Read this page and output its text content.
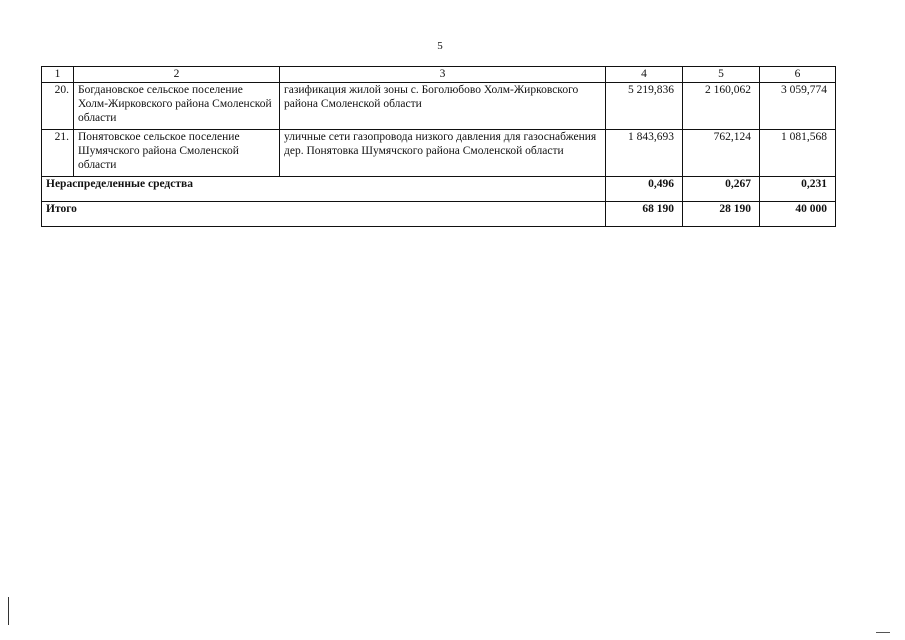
5
1	2	3	4	5	6
20.	Богдановское сельское поселение Холм-Жирковского района Смоленской области	газификация жилой зоны с. Боголюбово Холм-Жирковского района Смоленской области	5 219,836	2 160,062	3 059,774
21.	Понятовское сельское поселение Шумячского района Смоленской области	уличные сети газопровода низкого давления для газоснабжения дер. Понятовка Шумячского района Смоленской области	1 843,693	762,124	1 081,568
Нераспределенные средства			0,496	0,267	0,231
Итого			68 190	28 190	40 000
